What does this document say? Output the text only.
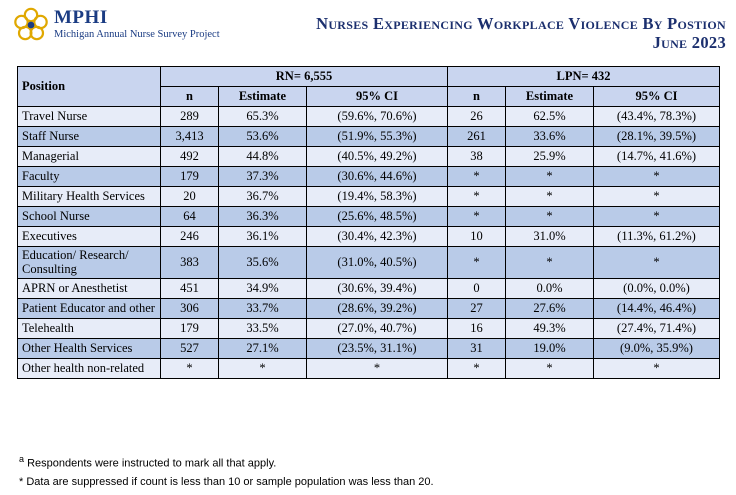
MPHI
Michigan Annual Nurse Survey Project
Nurses Experiencing Workplace Violence By Postion
June 2023
Position	RN= 6,555			LPN= 432		
	n	Estimate	95% CI	n	Estimate	95% CI
Travel Nurse	289	65.3%	(59.6%, 70.6%)	26	62.5%	(43.4%, 78.3%)
Staff Nurse	3,413	53.6%	(51.9%, 55.3%)	261	33.6%	(28.1%, 39.5%)
Managerial	492	44.8%	(40.5%, 49.2%)	38	25.9%	(14.7%, 41.6%)
Faculty	179	37.3%	(30.6%, 44.6%)	*	*	*
Military Health Services	20	36.7%	(19.4%, 58.3%)	*	*	*
School Nurse	64	36.3%	(25.6%, 48.5%)	*	*	*
Executives	246	36.1%	(30.4%, 42.3%)	10	31.0%	(11.3%, 61.2%)
Education/ Research/ Consulting	383	35.6%	(31.0%, 40.5%)	*	*	*
APRN or Anesthetist	451	34.9%	(30.6%, 39.4%)	0	0.0%	(0.0%, 0.0%)
Patient Educator and other	306	33.7%	(28.6%, 39.2%)	27	27.6%	(14.4%, 46.4%)
Telehealth	179	33.5%	(27.0%, 40.7%)	16	49.3%	(27.4%, 71.4%)
Other Health Services	527	27.1%	(23.5%, 31.1%)	31	19.0%	(9.0%, 35.9%)
Other health non-related	*	*	*	*	*	*
$^a$ Respondents were instructed to mark all that apply.
* Data are suppressed if count is less than 10 or sample population was less than 20.
